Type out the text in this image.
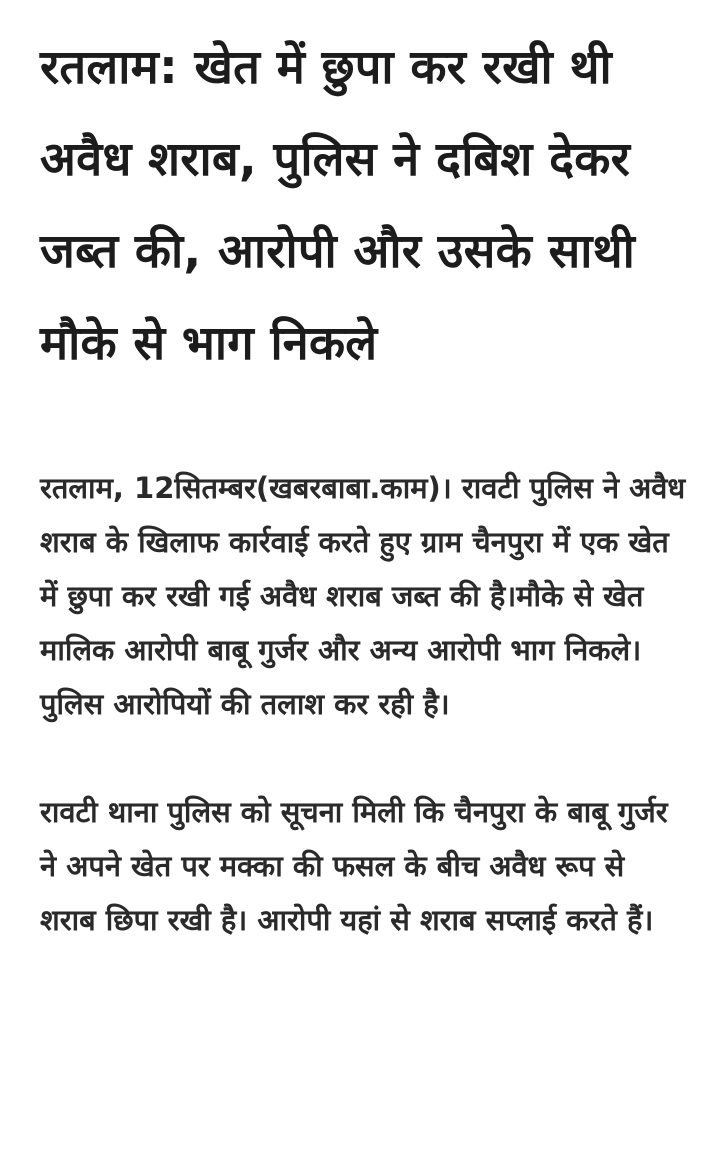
रतलाम: खेत में छुपा कर रखी थी अवैध शराब, पुलिस ने दबिश देकर जब्त की, आरोपी और उसके साथी मौके से भाग निकले

रतलाम, 12सितम्बर(खबरबाबा.काम)। रावटी पुलिस ने अवैध शराब के खिलाफ कार्रवाई करते हुए ग्राम चैनपुरा में एक खेत में छुपा कर रखी गई अवैध शराब जब्त की है।मौके से खेत मालिक आरोपी बाबू गुर्जर और अन्य आरोपी भाग निकले। पुलिस आरोपियों की तलाश कर रही है।

रावटी थाना पुलिस को सूचना मिली कि चैनपुरा के बाबू गुर्जर ने अपने खेत पर मक्का की फसल के बीच अवैध रूप से शराब छिपा रखी है। आरोपी यहां से शराब सप्लाई करते हैं।
